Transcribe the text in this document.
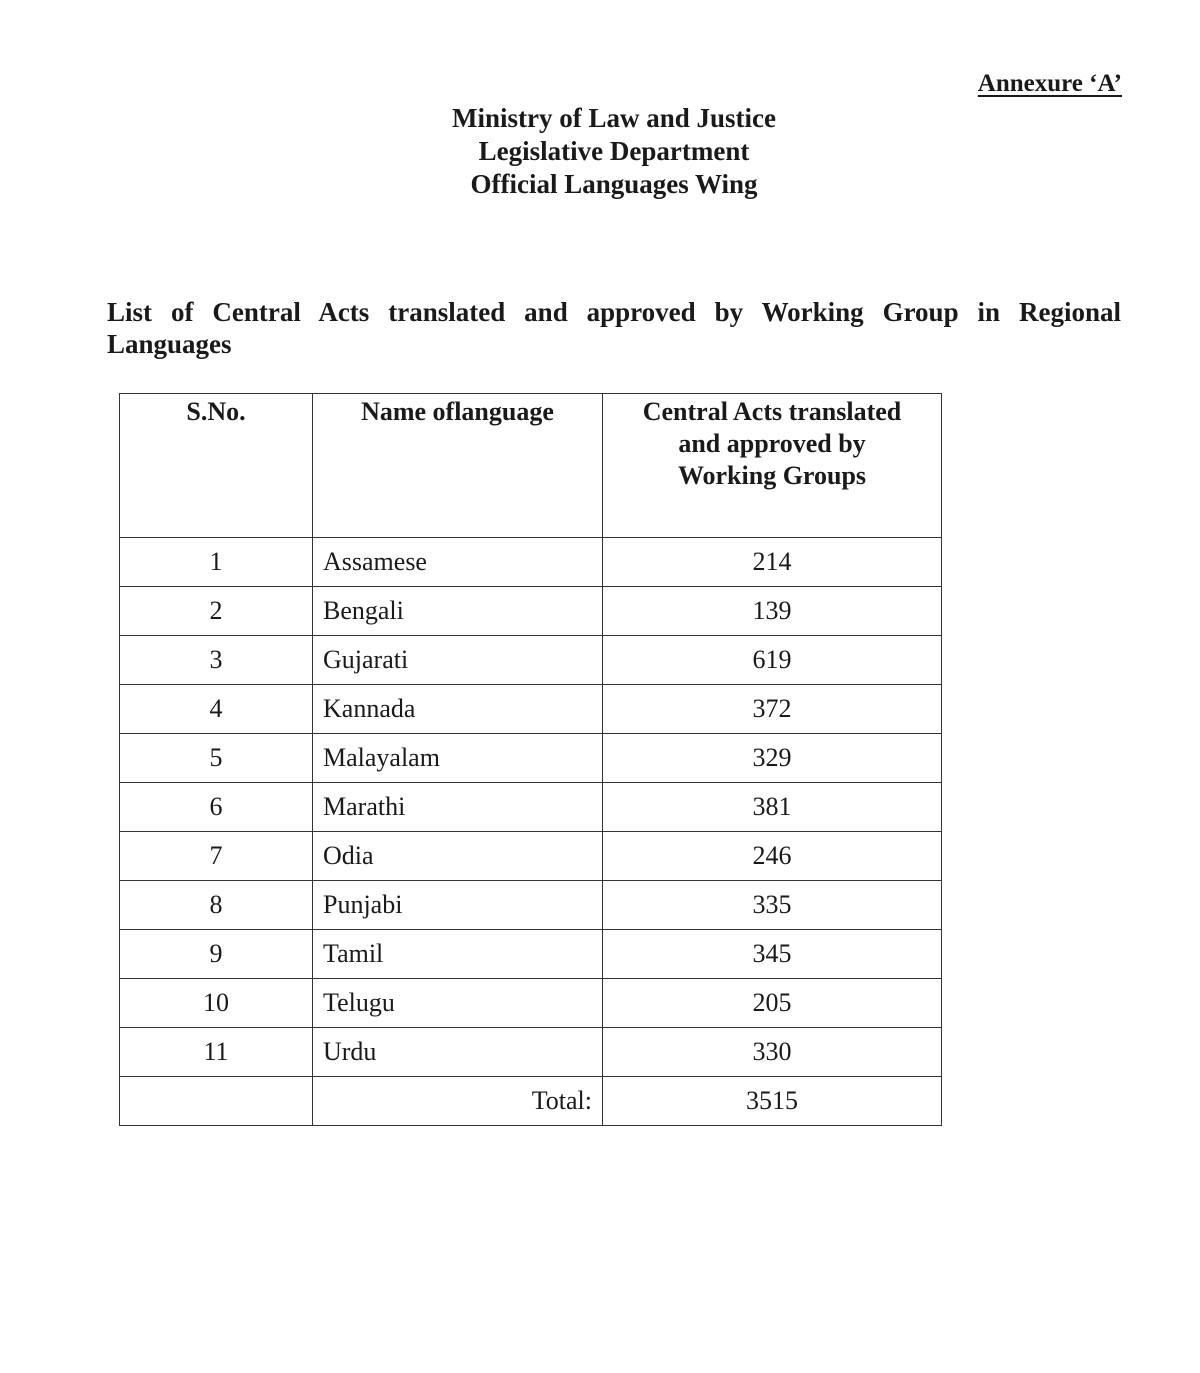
Annexure ‘A’
Ministry of Law and Justice
Legislative Department
Official Languages Wing
List of Central Acts translated and approved by Working Group in Regional
Languages
S.No.	Name oflanguage	Central Acts translated
and approved by
Working Groups

1	Assamese	214
2	Bengali	139
3	Gujarati	619
4	Kannada	372
5	Malayalam	329
6	Marathi	381
7	Odia	246
8	Punjabi	335
9	Tamil	345
10	Telugu	205
11	Urdu	330
	Total:	3515
